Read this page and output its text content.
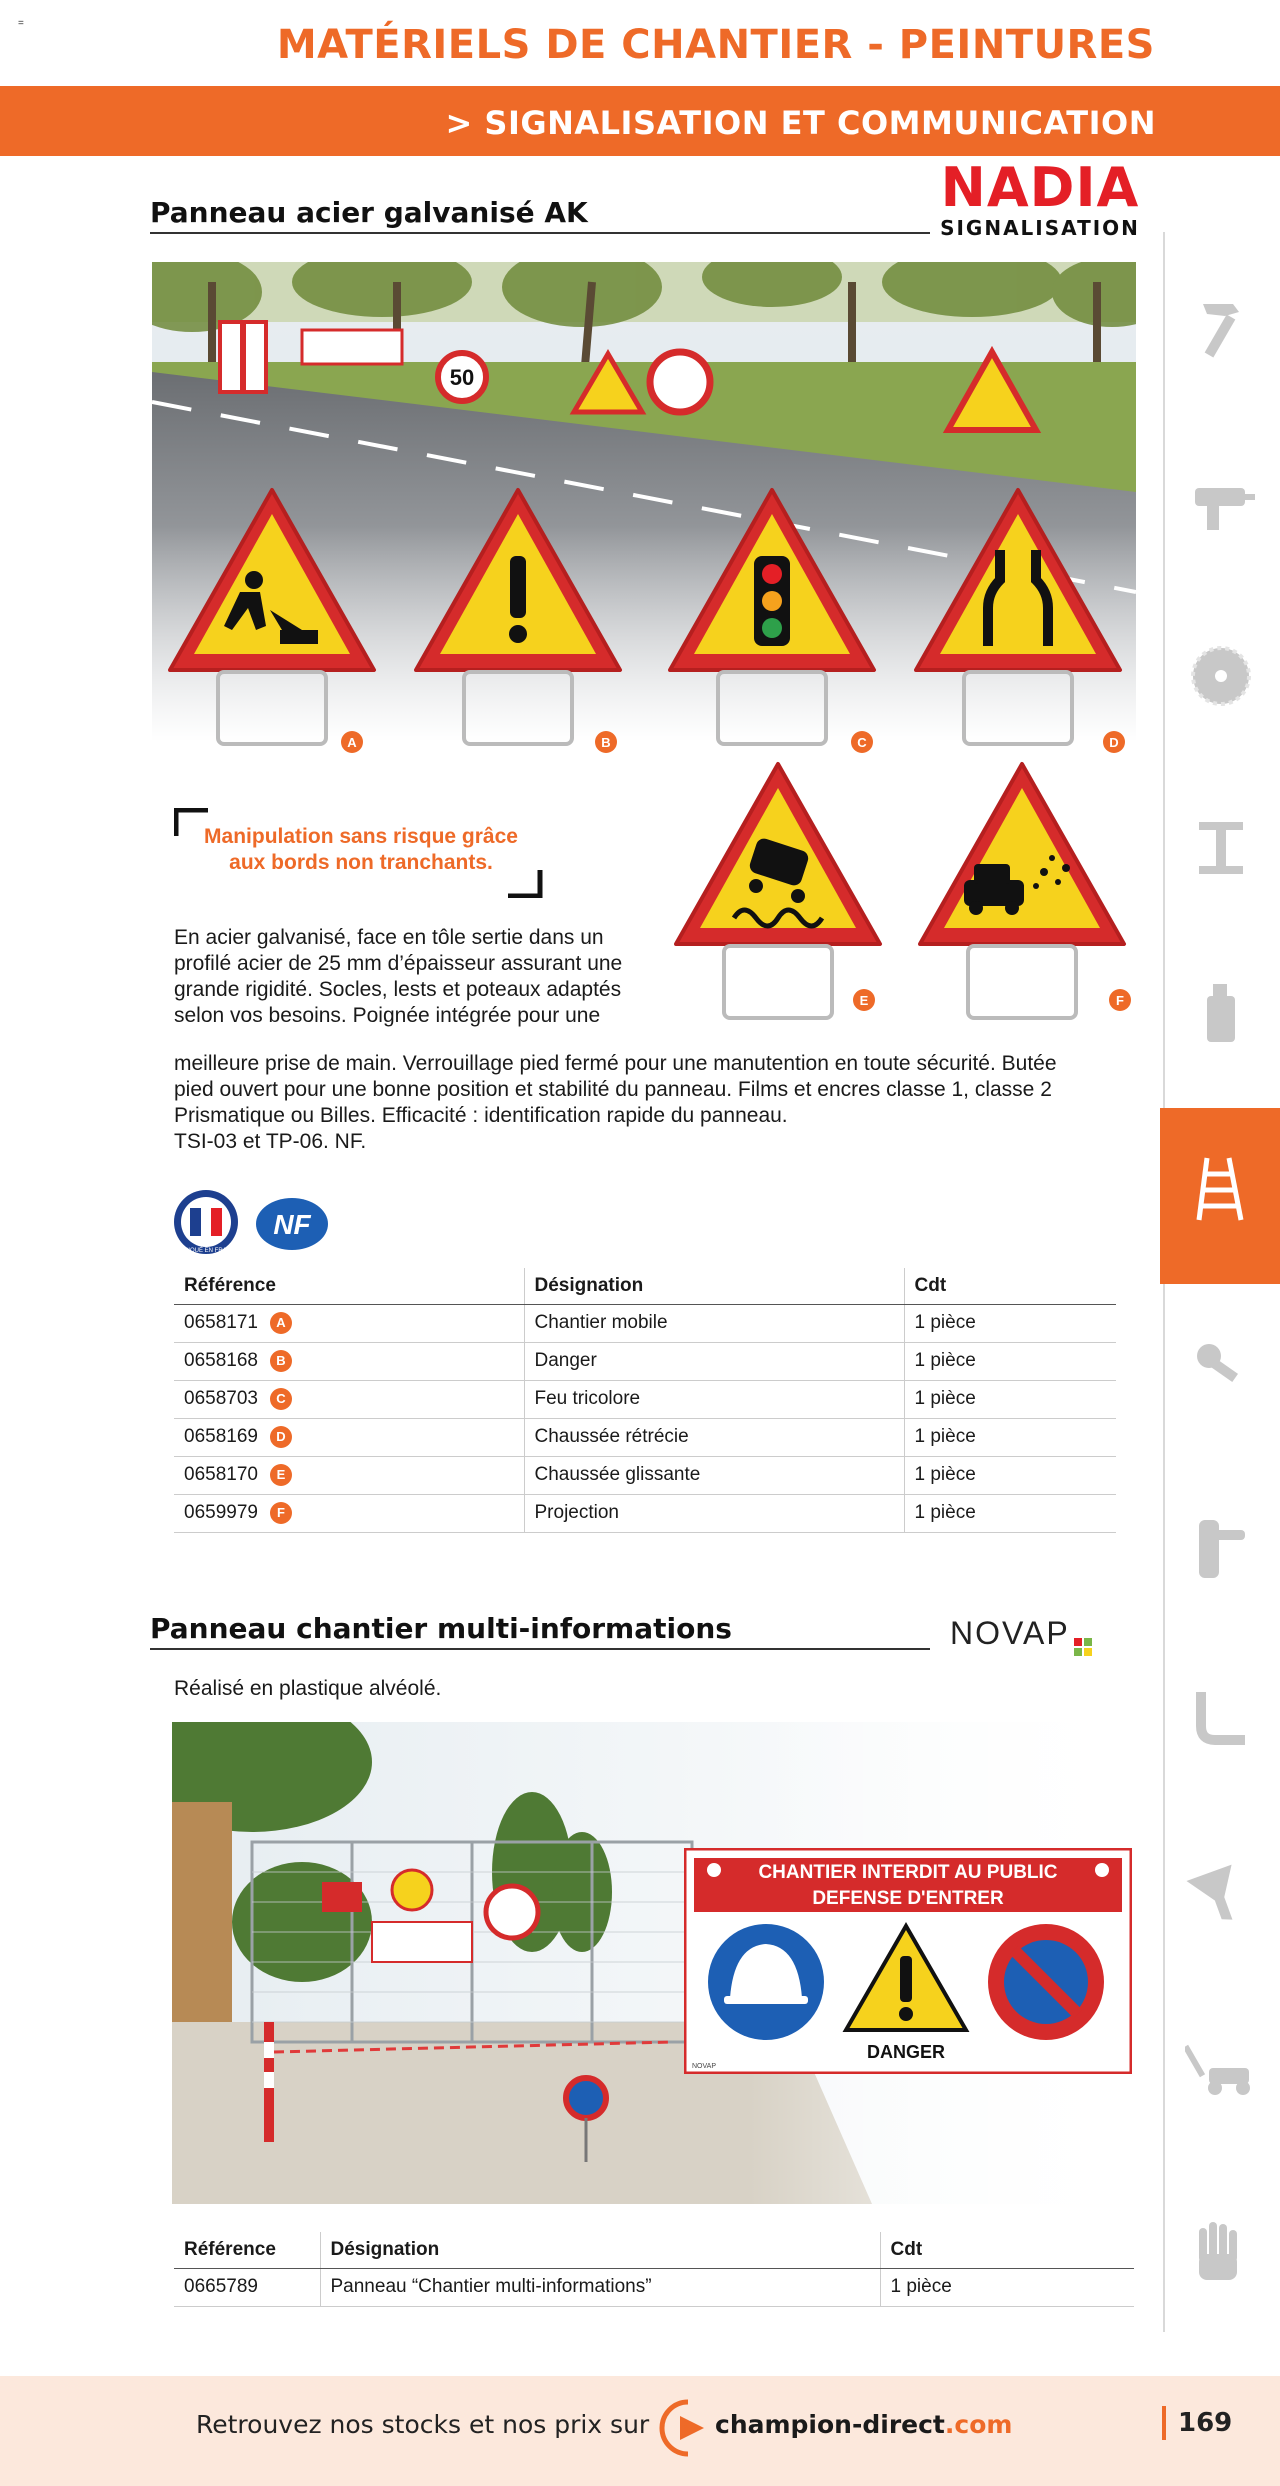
=	MATÉRIELS DE CHANTIER - PEINTURES
> SIGNALISATION ET COMMUNICATION
Panneau acier galvanisé AK	NADIA
SIGNALISATION
A	B	C	D
Manipulation sans risque grâce aux bords non tranchants.
E	F
En acier galvanisé, face en tôle sertie dans un
profilé acier de 25 mm d’épaisseur assurant une
grande rigidité. Socles, lests et poteaux adaptés
selon vos besoins. Poignée intégrée pour une
meilleure prise de main. Verrouillage pied fermé pour une manutention en toute sécurité. Butée
pied ouvert pour une bonne position et stabilité du panneau. Films et encres classe 1, classe 2
Prismatique ou Billes. Efficacité : identification rapide du panneau.
TSI-03 et TP-06. NF.
FABRIQUÉ EN FRANCE
NF
Référence	Désignation	Cdt
0658171 A	Chantier mobile	1 pièce
0658168 B	Danger	1 pièce
0658703 C	Feu tricolore	1 pièce
0658169 D	Chaussée rétrécie	1 pièce
0658170 E	Chaussée glissante	1 pièce
0659979 F	Projection	1 pièce
Panneau chantier multi-informations	NOVAP
Réalisé en plastique alvéolé.
CHANTIER INTERDIT AU PUBLIC
DEFENSE D'ENTRER
DANGER
NOVAP
Référence	Désignation	Cdt
0665789	Panneau “Chantier multi-informations”	1 pièce
Retrouvez nos stocks et nos prix sur	champion-direct.com	169
